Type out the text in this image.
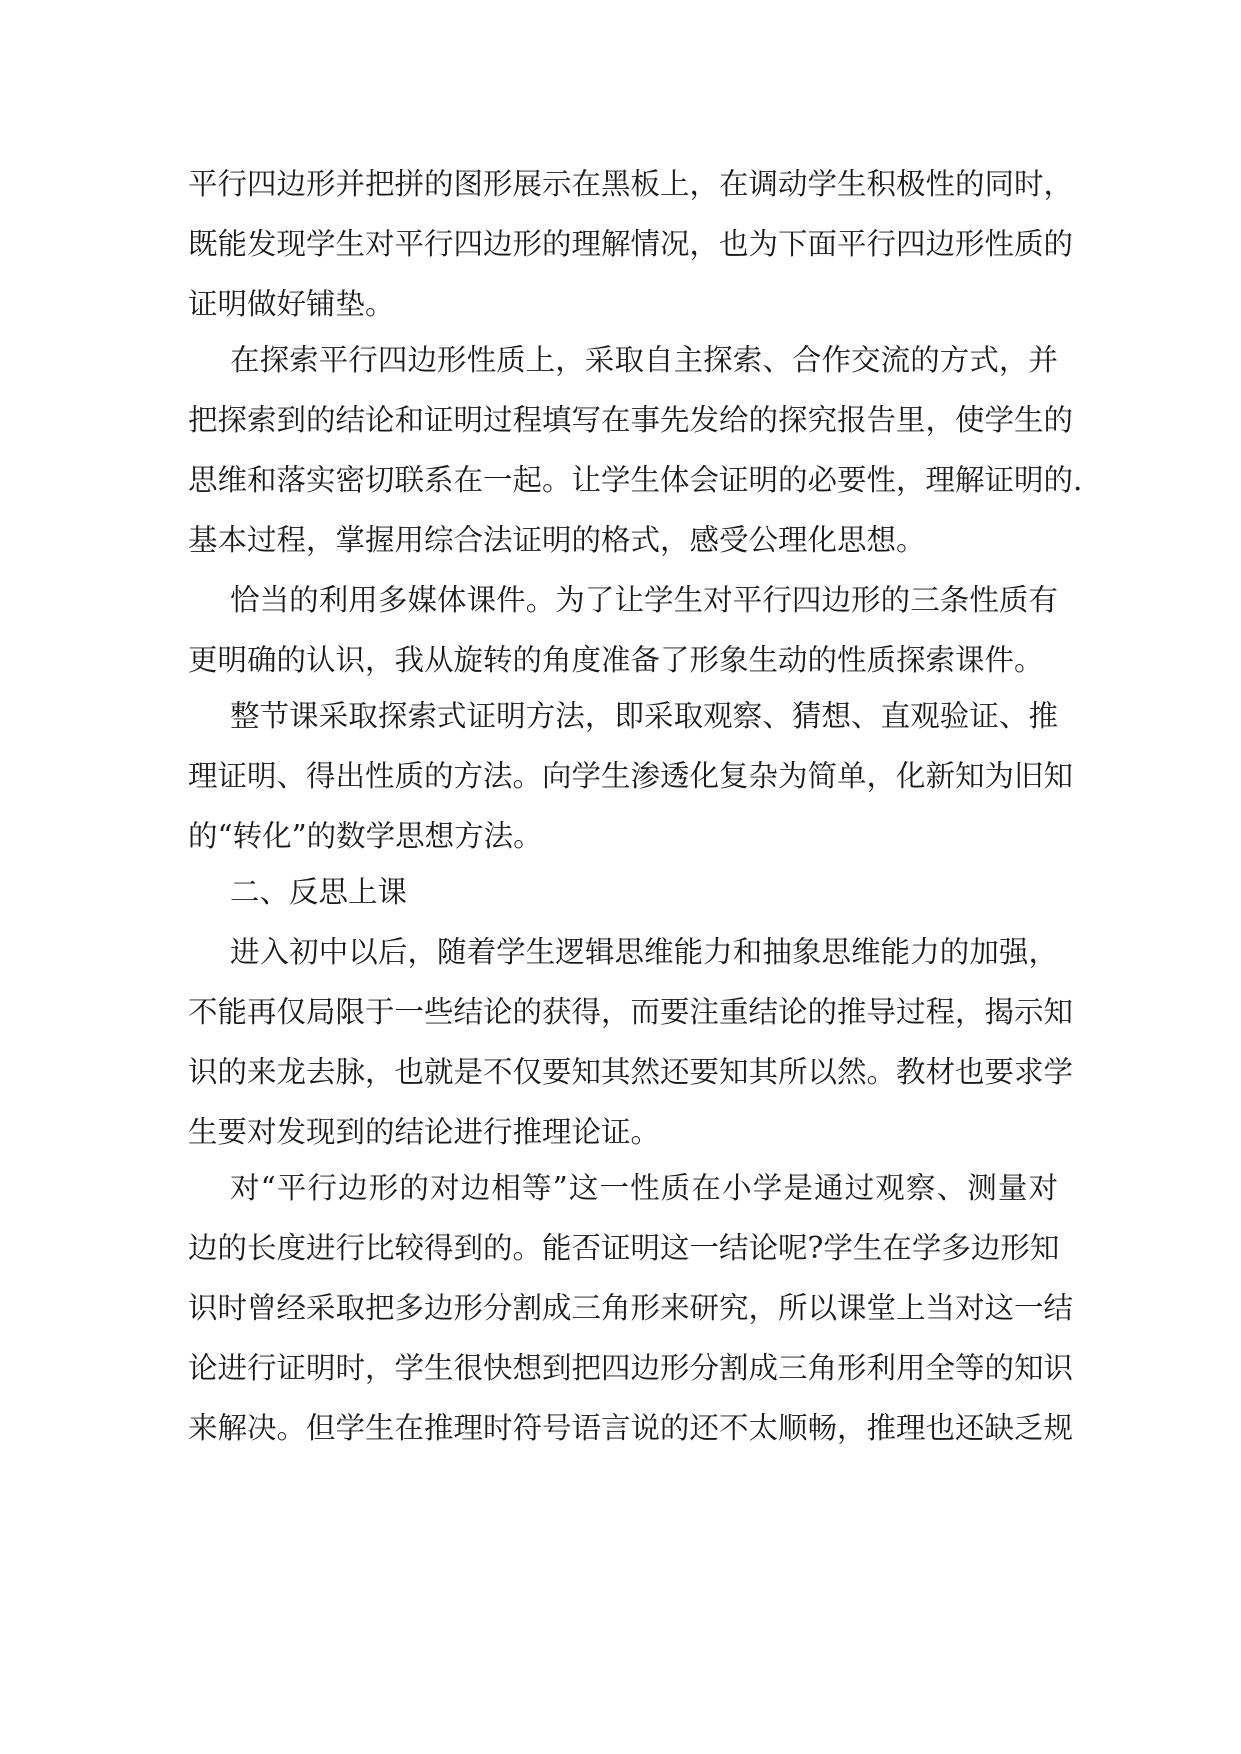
平行四边形并把拼的图形展示在黑板上，在调动学生积极性的同时，
既能发现学生对平行四边形的理解情况，也为下面平行四边形性质的
证明做好铺垫。
在探索平行四边形性质上，采取自主探索、合作交流的方式，并
把探索到的结论和证明过程填写在事先发给的探究报告里，使学生的
思维和落实密切联系在一起。让学生体会证明的必要性，理解证明的.
基本过程，掌握用综合法证明的格式，感受公理化思想。
恰当的利用多媒体课件。为了让学生对平行四边形的三条性质有
更明确的认识，我从旋转的角度准备了形象生动的性质探索课件。
整节课采取探索式证明方法，即采取观察、猜想、直观验证、推
理证明、得出性质的方法。向学生渗透化复杂为简单，化新知为旧知
的“转化”的数学思想方法。
二、反思上课
进入初中以后，随着学生逻辑思维能力和抽象思维能力的加强，
不能再仅局限于一些结论的获得，而要注重结论的推导过程，揭示知
识的来龙去脉，也就是不仅要知其然还要知其所以然。教材也要求学
生要对发现到的结论进行推理论证。
对“平行边形的对边相等”这一性质在小学是通过观察、测量对
边的长度进行比较得到的。能否证明这一结论呢?学生在学多边形知
识时曾经采取把多边形分割成三角形来研究，所以课堂上当对这一结
论进行证明时，学生很快想到把四边形分割成三角形利用全等的知识
来解决。但学生在推理时符号语言说的还不太顺畅，推理也还缺乏规
